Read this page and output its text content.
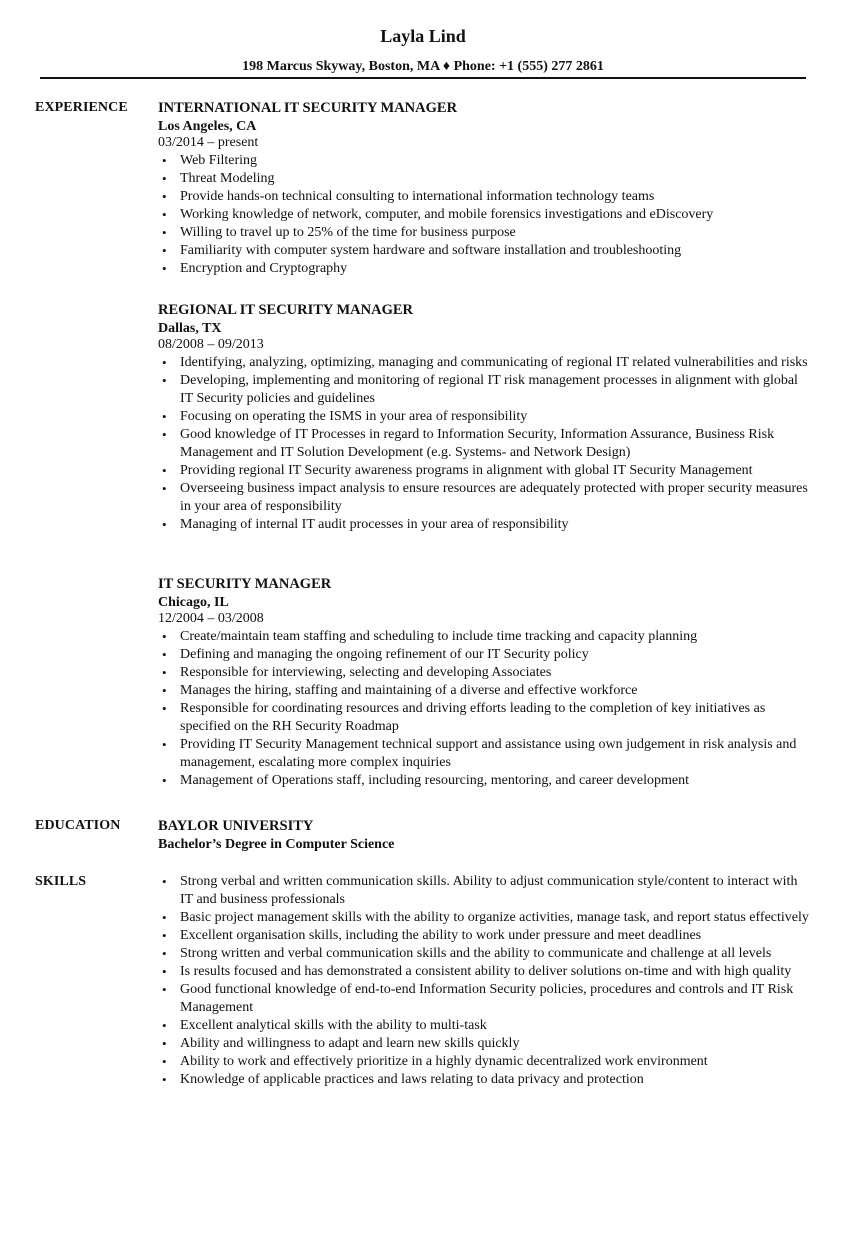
Layla Lind
198 Marcus Skyway, Boston, MA ♦ Phone: +1 (555) 277 2861
EXPERIENCE INTERNATIONAL IT SECURITY MANAGER
Los Angeles, CA
03/2014 – present
• Web Filtering
• Threat Modeling
• Provide hands-on technical consulting to international information technology teams
• Working knowledge of network, computer, and mobile forensics investigations and eDiscovery
• Willing to travel up to 25% of the time for business purpose
• Familiarity with computer system hardware and software installation and troubleshooting
• Encryption and Cryptography
REGIONAL IT SECURITY MANAGER
Dallas, TX
08/2008 – 09/2013
• Identifying, analyzing, optimizing, managing and communicating of regional IT related vulnerabilities and risks
• Developing, implementing and monitoring of regional IT risk management processes in alignment with global IT Security policies and guidelines
• Focusing on operating the ISMS in your area of responsibility
• Good knowledge of IT Processes in regard to Information Security, Information Assurance, Business Risk Management and IT Solution Development (e.g. Systems- and Network Design)
• Providing regional IT Security awareness programs in alignment with global IT Security Management
• Overseeing business impact analysis to ensure resources are adequately protected with proper security measures in your area of responsibility
• Managing of internal IT audit processes in your area of responsibility
IT SECURITY MANAGER
Chicago, IL
12/2004 – 03/2008
• Create/maintain team staffing and scheduling to include time tracking and capacity planning
• Defining and managing the ongoing refinement of our IT Security policy
• Responsible for interviewing, selecting and developing Associates
• Manages the hiring, staffing and maintaining of a diverse and effective workforce
• Responsible for coordinating resources and driving efforts leading to the completion of key initiatives as specified on the RH Security Roadmap
• Providing IT Security Management technical support and assistance using own judgement in risk analysis and management, escalating more complex inquiries
• Management of Operations staff, including resourcing, mentoring, and career development
EDUCATION	BAYLOR UNIVERSITY
Bachelor’s Degree in Computer Science
SKILLS
•	Strong verbal and written communication skills. Ability to adjust communication style/content to interact with IT and business professionals
• Basic project management skills with the ability to organize activities, manage task, and report status effectively
• Excellent organisation skills, including the ability to work under pressure and meet deadlines
• Strong written and verbal communication skills and the ability to communicate and challenge at all levels
• Is results focused and has demonstrated a consistent ability to deliver solutions on-time and with high quality
• Good functional knowledge of end-to-end Information Security policies, procedures and controls and IT Risk Management
• Excellent analytical skills with the ability to multi-task
• Ability and willingness to adapt and learn new skills quickly
• Ability to work and effectively prioritize in a highly dynamic decentralized work environment
• Knowledge of applicable practices and laws relating to data privacy and protection
